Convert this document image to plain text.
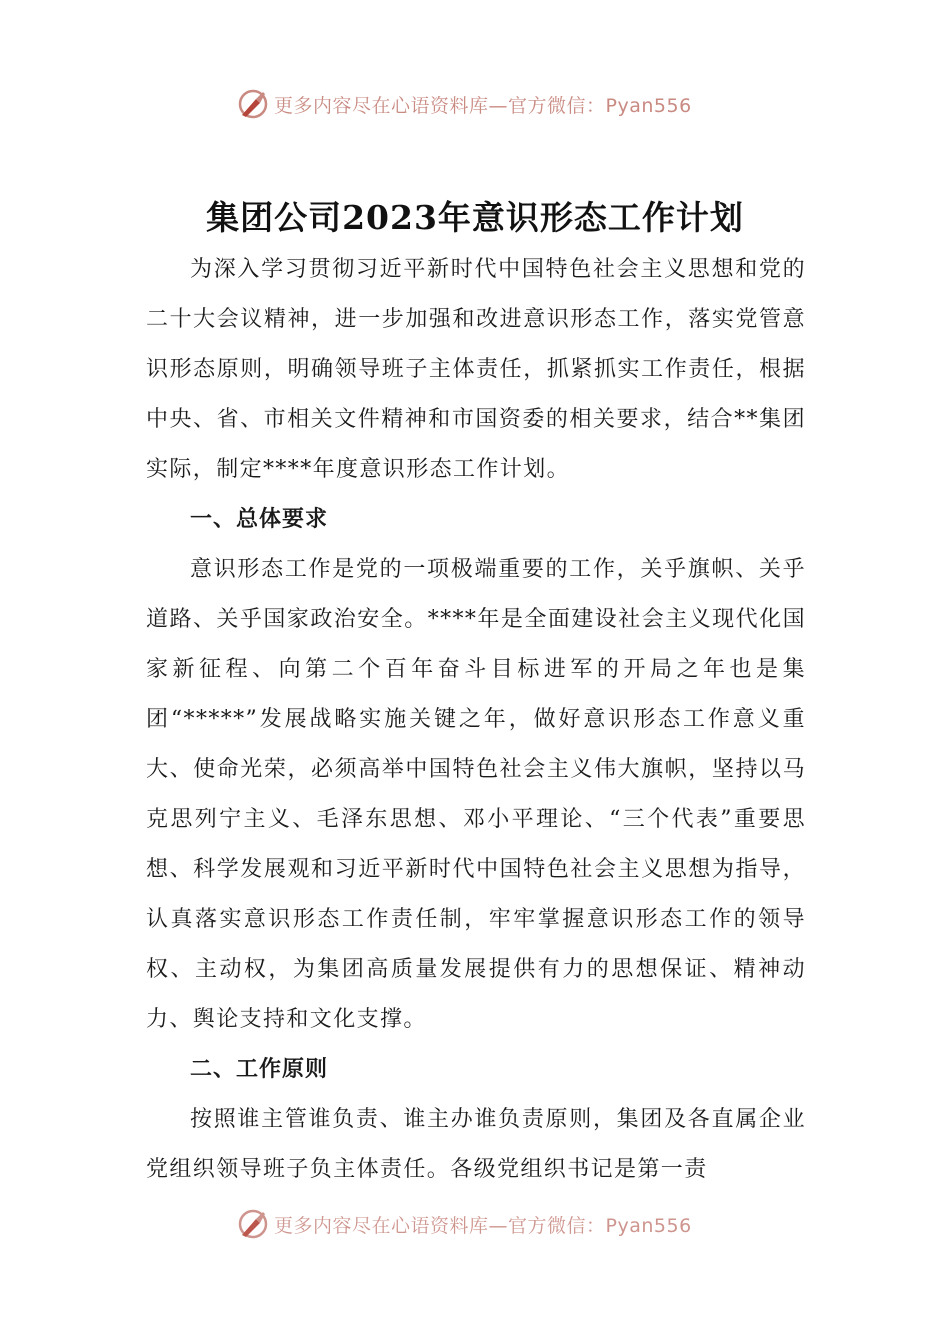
更多内容尽在心语资料库—官方微信：Pyan556
集团公司2023年意识形态工作计划

为深入学习贯彻习近平新时代中国特色社会主义思想和党的二十大会议精神，进一步加强和改进意识形态工作，落实党管意识形态原则，明确领导班子主体责任，抓紧抓实工作责任，根据中央、省、市相关文件精神和市国资委的相关要求，结合**集团实际，制定****年度意识形态工作计划。

一、总体要求

意识形态工作是党的一项极端重要的工作，关乎旗帜、关乎道路、关乎国家政治安全。****年是全面建设社会主义现代化国家新征程、向第二个百年奋斗目标进军的开局之年也是集团“*****”发展战略实施关键之年，做好意识形态工作意义重大、使命光荣，必须高举中国特色社会主义伟大旗帜，坚持以马克思列宁主义、毛泽东思想、邓小平理论、“三个代表”重要思想、科学发展观和习近平新时代中国特色社会主义思想为指导，认真落实意识形态工作责任制，牢牢掌握意识形态工作的领导权、主动权，为集团高质量发展提供有力的思想保证、精神动力、舆论支持和文化支撑。

二、工作原则

按照谁主管谁负责、谁主办谁负责原则，集团及各直属企业党组织领导班子负主体责任。各级党组织书记是第一责

更多内容尽在心语资料库—官方微信：Pyan556
